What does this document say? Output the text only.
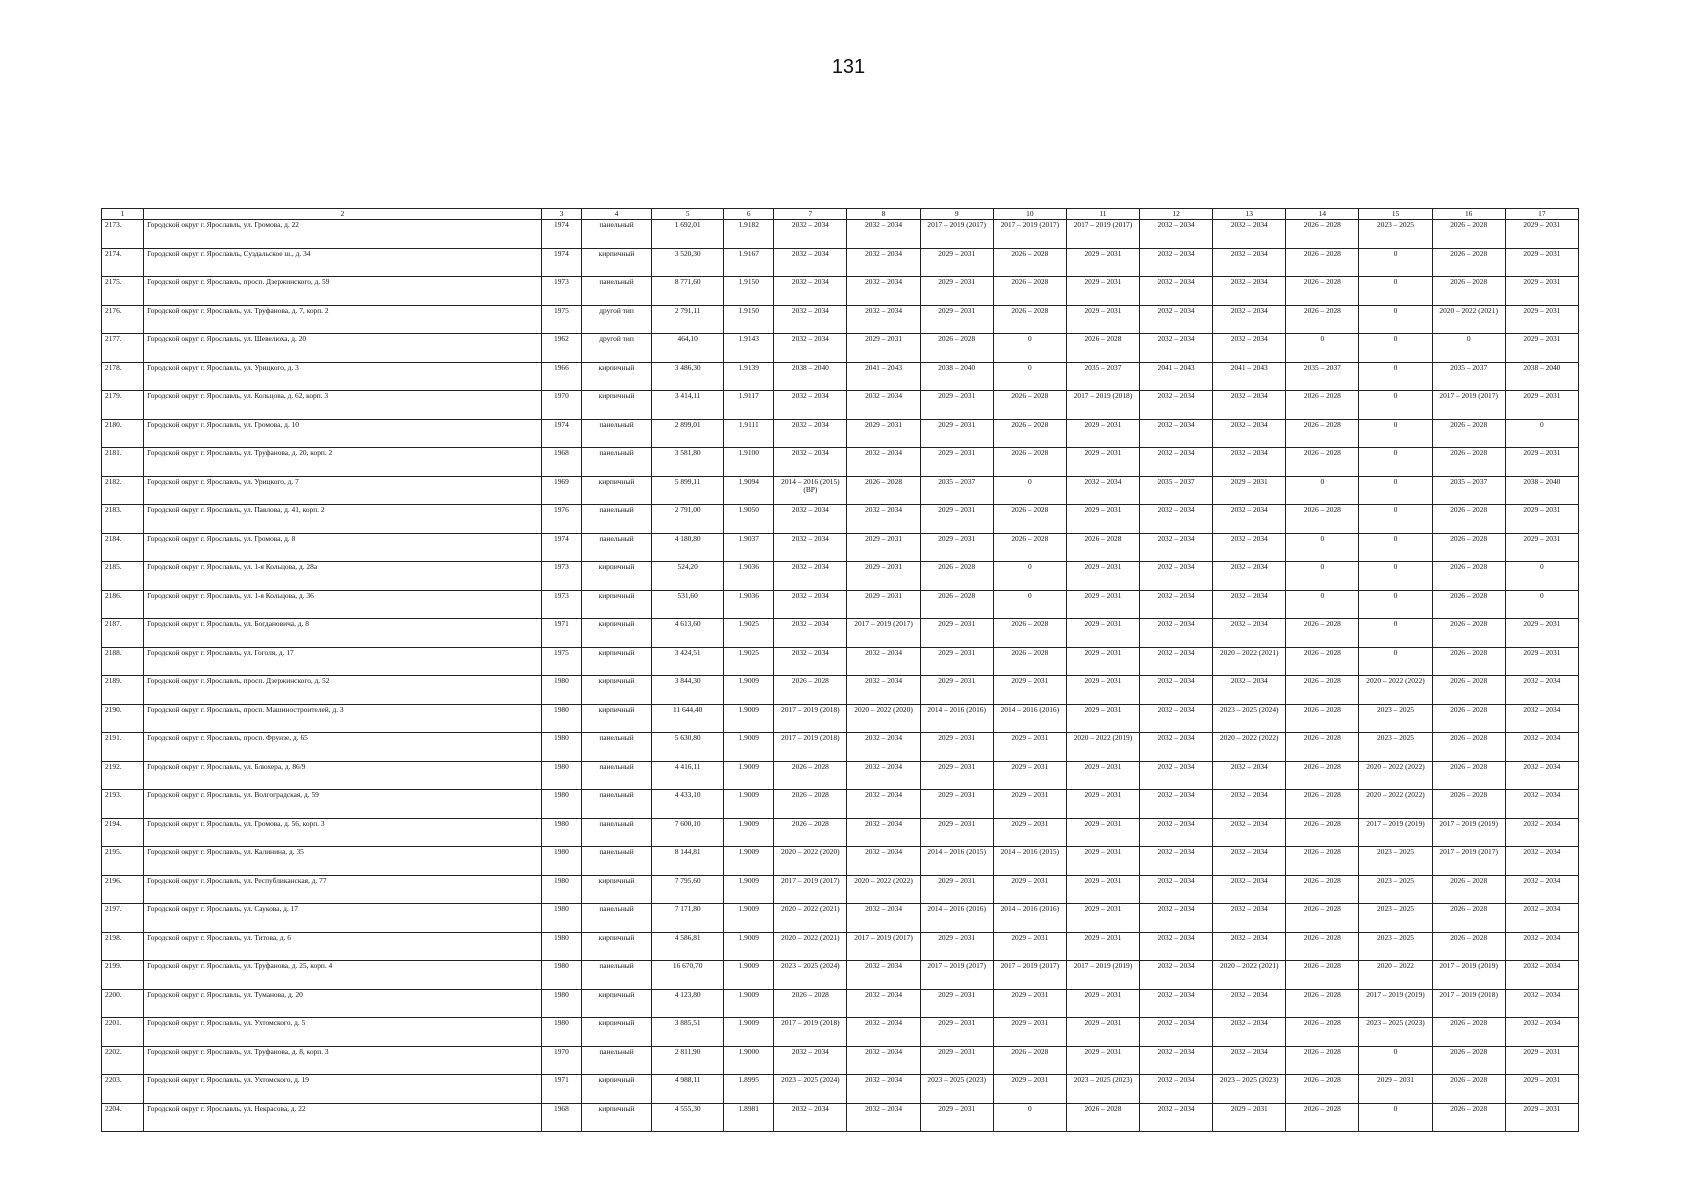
131
1	2	3	4	5	6	7	8	9	10	11	12	13	14	15	16	17
2173.	Городской округ г. Ярославль, ул. Громова, д. 22	1974	панельный	1 692,01	1.9182	2032 – 2034	2032 – 2034	2017 – 2019 (2017)	2017 – 2019 (2017)	2017 – 2019 (2017)	2032 – 2034	2032 – 2034	2026 – 2028	2023 – 2025	2026 – 2028	2029 – 2031
2174.	Городской округ г. Ярославль, Суздальское ш., д. 34	1974	кирпичный	3 520,30	1.9167	2032 – 2034	2032 – 2034	2029 – 2031	2026 – 2028	2029 – 2031	2032 – 2034	2032 – 2034	2026 – 2028	0	2026 – 2028	2029 – 2031
2175.	Городской округ г. Ярославль, просп. Дзержинского, д. 59	1973	панельный	8 771,60	1.9150	2032 – 2034	2032 – 2034	2029 – 2031	2026 – 2028	2029 – 2031	2032 – 2034	2032 – 2034	2026 – 2028	0	2026 – 2028	2029 – 2031
2176.	Городской округ г. Ярославль, ул. Труфанова, д. 7, корп. 2	1975	другой тип	2 791,11	1.9150	2032 – 2034	2032 – 2034	2029 – 2031	2026 – 2028	2029 – 2031	2032 – 2034	2032 – 2034	2026 – 2028	0	2020 – 2022 (2021)	2029 – 2031
2177.	Городской округ г. Ярославль, ул. Шевелюха, д. 20	1962	другой тип	464,10	1.9143	2032 – 2034	2029 – 2031	2026 – 2028	0	2026 – 2028	2032 – 2034	2032 – 2034	0	0	0	2029 – 2031
2178.	Городской округ г. Ярославль, ул. Урицкого, д. 3	1966	кирпичный	3 486,30	1.9139	2038 – 2040	2041 – 2043	2038 – 2040	0	2035 – 2037	2041 – 2043	2041 – 2043	2035 – 2037	0	2035 – 2037	2038 – 2040
2179.	Городской округ г. Ярославль, ул. Кольцова, д. 62, корп. 3	1970	кирпичный	3 414,11	1.9117	2032 – 2034	2032 – 2034	2029 – 2031	2026 – 2028	2017 – 2019 (2018)	2032 – 2034	2032 – 2034	2026 – 2028	0	2017 – 2019 (2017)	2029 – 2031
2180.	Городской округ г. Ярославль, ул. Громова, д. 10	1974	панельный	2 899,01	1.9111	2032 – 2034	2029 – 2031	2029 – 2031	2026 – 2028	2029 – 2031	2032 – 2034	2032 – 2034	2026 – 2028	0	2026 – 2028	0
2181.	Городской округ г. Ярославль, ул. Труфанова, д. 20, корп. 2	1968	панельный	3 581,80	1.9100	2032 – 2034	2032 – 2034	2029 – 2031	2026 – 2028	2029 – 2031	2032 – 2034	2032 – 2034	2026 – 2028	0	2026 – 2028	2029 – 2031
2182.	Городской округ г. Ярославль, ул. Урицкого, д. 7	1969	кирпичный	5 899,11	1.9094	2014 – 2016 (2015) (ВР)	2026 – 2028	2035 – 2037	0	2032 – 2034	2035 – 2037	2029 – 2031	0	0	2035 – 2037	2038 – 2040
2183.	Городской округ г. Ярославль, ул. Павлова, д. 41, корп. 2	1976	панельный	2 791,00	1.9050	2032 – 2034	2032 – 2034	2029 – 2031	2026 – 2028	2029 – 2031	2032 – 2034	2032 – 2034	2026 – 2028	0	2026 – 2028	2029 – 2031
2184.	Городской округ г. Ярославль, ул. Громова, д. 8	1974	панельный	4 180,80	1.9037	2032 – 2034	2029 – 2031	2029 – 2031	2026 – 2028	2026 – 2028	2032 – 2034	2032 – 2034	0	0	2026 – 2028	2029 – 2031
2185.	Городской округ г. Ярославль, ул. 1-я Кольцова, д. 28а	1973	кирпичный	524,20	1.9036	2032 – 2034	2029 – 2031	2026 – 2028	0	2029 – 2031	2032 – 2034	2032 – 2034	0	0	2026 – 2028	0
2186.	Городской округ г. Ярославль, ул. 1-я Кольцова, д. 36	1973	кирпичный	531,60	1.9036	2032 – 2034	2029 – 2031	2026 – 2028	0	2029 – 2031	2032 – 2034	2032 – 2034	0	0	2026 – 2028	0
2187.	Городской округ г. Ярославль, ул. Богдановича, д. 8	1971	кирпичный	4 613,60	1.9025	2032 – 2034	2017 – 2019 (2017)	2029 – 2031	2026 – 2028	2029 – 2031	2032 – 2034	2032 – 2034	2026 – 2028	0	2026 – 2028	2029 – 2031
2188.	Городской округ г. Ярославль, ул. Гоголя, д. 17	1975	кирпичный	3 424,51	1.9025	2032 – 2034	2032 – 2034	2029 – 2031	2026 – 2028	2029 – 2031	2032 – 2034	2020 – 2022 (2021)	2026 – 2028	0	2026 – 2028	2029 – 2031
2189.	Городской округ г. Ярославль, просп. Дзержинского, д. 52	1980	кирпичный	3 844,30	1.9009	2026 – 2028	2032 – 2034	2029 – 2031	2029 – 2031	2029 – 2031	2032 – 2034	2032 – 2034	2026 – 2028	2020 – 2022 (2022)	2026 – 2028	2032 – 2034
2190.	Городской округ г. Ярославль, просп. Машиностроителей, д. 3	1980	кирпичный	11 644,40	1.9009	2017 – 2019 (2018)	2020 – 2022 (2020)	2014 – 2016 (2016)	2014 – 2016 (2016)	2029 – 2031	2032 – 2034	2023 – 2025 (2024)	2026 – 2028	2023 – 2025	2026 – 2028	2032 – 2034
2191.	Городской округ г. Ярославль, просп. Фрунзе, д. 65	1980	панельный	5 630,80	1.9009	2017 – 2019 (2018)	2032 – 2034	2029 – 2031	2029 – 2031	2020 – 2022 (2019)	2032 – 2034	2020 – 2022 (2022)	2026 – 2028	2023 – 2025	2026 – 2028	2032 – 2034
2192.	Городской округ г. Ярославль, ул. Блюхера, д. 86/9	1980	панельный	4 416,11	1.9009	2026 – 2028	2032 – 2034	2029 – 2031	2029 – 2031	2029 – 2031	2032 – 2034	2032 – 2034	2026 – 2028	2020 – 2022 (2022)	2026 – 2028	2032 – 2034
2193.	Городской округ г. Ярославль, ул. Волгоградская, д. 59	1980	панельный	4 433,10	1.9009	2026 – 2028	2032 – 2034	2029 – 2031	2029 – 2031	2029 – 2031	2032 – 2034	2032 – 2034	2026 – 2028	2020 – 2022 (2022)	2026 – 2028	2032 – 2034
2194.	Городской округ г. Ярославль, ул. Громова, д. 56, корп. 3	1980	панельный	7 600,10	1.9009	2026 – 2028	2032 – 2034	2029 – 2031	2029 – 2031	2029 – 2031	2032 – 2034	2032 – 2034	2026 – 2028	2017 – 2019 (2019)	2017 – 2019 (2019)	2032 – 2034
2195.	Городской округ г. Ярославль, ул. Калинина, д. 35	1980	панельный	8 144,81	1.9009	2020 – 2022 (2020)	2032 – 2034	2014 – 2016 (2015)	2014 – 2016 (2015)	2029 – 2031	2032 – 2034	2032 – 2034	2026 – 2028	2023 – 2025	2017 – 2019 (2017)	2032 – 2034
2196.	Городской округ г. Ярославль, ул. Республиканская, д. 77	1980	кирпичный	7 795,60	1.9009	2017 – 2019 (2017)	2020 – 2022 (2022)	2029 – 2031	2029 – 2031	2029 – 2031	2032 – 2034	2032 – 2034	2026 – 2028	2023 – 2025	2026 – 2028	2032 – 2034
2197.	Городской округ г. Ярославль, ул. Саукова, д. 17	1980	панельный	7 171,80	1.9009	2020 – 2022 (2021)	2032 – 2034	2014 – 2016 (2016)	2014 – 2016 (2016)	2029 – 2031	2032 – 2034	2032 – 2034	2026 – 2028	2023 – 2025	2026 – 2028	2032 – 2034
2198.	Городской округ г. Ярославль, ул. Титова, д. 6	1980	кирпичный	4 586,81	1.9009	2020 – 2022 (2021)	2017 – 2019 (2017)	2029 – 2031	2029 – 2031	2029 – 2031	2032 – 2034	2032 – 2034	2026 – 2028	2023 – 2025	2026 – 2028	2032 – 2034
2199.	Городской округ г. Ярославль, ул. Труфанова, д. 25, корп. 4	1980	панельный	16 670,70	1.9009	2023 – 2025 (2024)	2032 – 2034	2017 – 2019 (2017)	2017 – 2019 (2017)	2017 – 2019 (2019)	2032 – 2034	2020 – 2022 (2021)	2026 – 2028	2020 – 2022	2017 – 2019 (2019)	2032 – 2034
2200.	Городской округ г. Ярославль, ул. Туманова, д. 20	1980	кирпичный	4 123,80	1.9009	2026 – 2028	2032 – 2034	2029 – 2031	2029 – 2031	2029 – 2031	2032 – 2034	2032 – 2034	2026 – 2028	2017 – 2019 (2019)	2017 – 2019 (2018)	2032 – 2034
2201.	Городской округ г. Ярославль, ул. Ухтомского, д. 5	1980	кирпичный	3 885,51	1.9009	2017 – 2019 (2018)	2032 – 2034	2029 – 2031	2029 – 2031	2029 – 2031	2032 – 2034	2032 – 2034	2026 – 2028	2023 – 2025 (2023)	2026 – 2028	2032 – 2034
2202.	Городской округ г. Ярославль, ул. Труфанова, д. 8, корп. 3	1970	панельный	2 811,90	1.9000	2032 – 2034	2032 – 2034	2029 – 2031	2026 – 2028	2029 – 2031	2032 – 2034	2032 – 2034	2026 – 2028	0	2026 – 2028	2029 – 2031
2203.	Городской округ г. Ярославль, ул. Ухтомского, д. 19	1971	кирпичный	4 988,11	1.8995	2023 – 2025 (2024)	2032 – 2034	2023 – 2025 (2023)	2029 – 2031	2023 – 2025 (2023)	2032 – 2034	2023 – 2025 (2023)	2026 – 2028	2029 – 2031	2026 – 2028	2029 – 2031
2204.	Городской округ г. Ярославль, ул. Некрасова, д. 22	1968	кирпичный	4 555,30	1.8981	2032 – 2034	2032 – 2034	2029 – 2031	0	2026 – 2028	2032 – 2034	2029 – 2031	2026 – 2028	0	2026 – 2028	2029 – 2031
